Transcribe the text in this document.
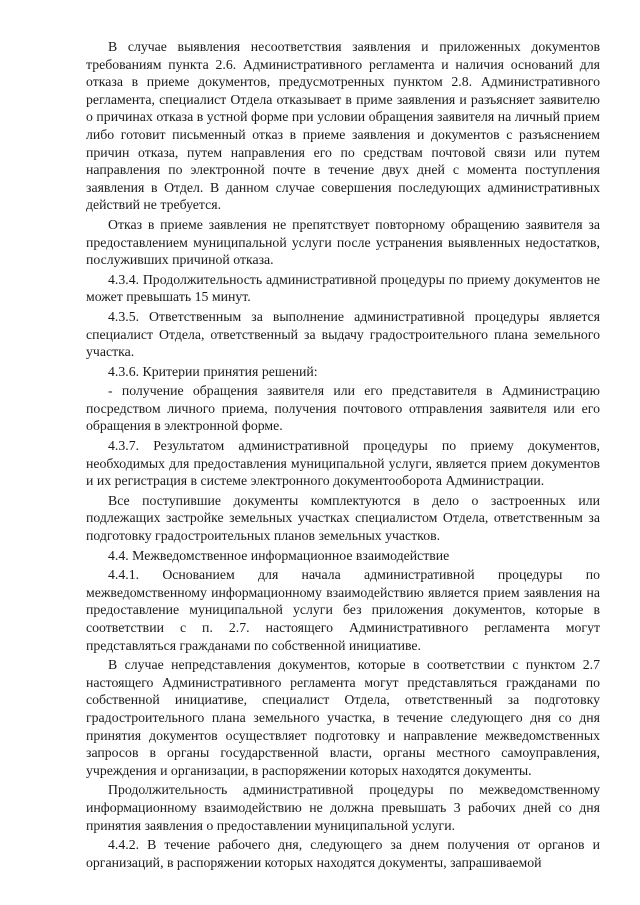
В случае выявления несоответствия заявления и приложенных документов требованиям пункта 2.6. Административного регламента и наличия оснований для отказа в приеме документов, предусмотренных пунктом 2.8. Административного регламента, специалист Отдела отказывает в приме заявления и разъясняет заявителю о причинах отказа в устной форме при условии обращения заявителя на личный прием либо готовит письменный отказ в приеме заявления и документов с разъяснением причин отказа, путем направления его по средствам почтовой связи или путем направления по электронной почте в течение двух дней с момента поступления заявления в Отдел. В данном случае совершения последующих административных действий не требуется.

Отказ в приеме заявления не препятствует повторному обращению заявителя за предоставлением муниципальной услуги после устранения выявленных недостатков, послуживших причиной отказа.

4.3.4. Продолжительность административной процедуры по приему документов не может превышать 15 минут.

4.3.5. Ответственным за выполнение административной процедуры является специалист Отдела, ответственный за выдачу градостроительного плана земельного участка.

4.3.6. Критерии принятия решений:

- получение обращения заявителя или его представителя в Администрацию посредством личного приема, получения почтового отправления заявителя или его обращения в электронной форме.

4.3.7. Результатом административной процедуры по приему документов, необходимых для предоставления муниципальной услуги, является прием документов и их регистрация в системе электронного документооборота Администрации.

Все поступившие документы комплектуются в дело о застроенных или подлежащих застройке земельных участках специалистом Отдела, ответственным за подготовку градостроительных планов земельных участков.

4.4. Межведомственное информационное взаимодействие

4.4.1. Основанием для начала административной процедуры по межведомственному информационному взаимодействию является прием заявления на предоставление муниципальной услуги без приложения документов, которые в соответствии с п. 2.7. настоящего Административного регламента могут представляться гражданами по собственной инициативе.

В случае непредставления документов, которые в соответствии с пунктом 2.7 настоящего Административного регламента могут представляться гражданами по собственной инициативе, специалист Отдела, ответственный за подготовку градостроительного плана земельного участка, в течение следующего дня со дня принятия документов осуществляет подготовку и направление межведомственных запросов в органы государственной власти, органы местного самоуправления, учреждения и организации, в распоряжении которых находятся документы.

Продолжительность административной процедуры по межведомственному информационному взаимодействию не должна превышать 3 рабочих дней со дня принятия заявления о предоставлении муниципальной услуги.

4.4.2. В течение рабочего дня, следующего за днем получения от органов и организаций, в распоряжении которых находятся документы, запрашиваемой
